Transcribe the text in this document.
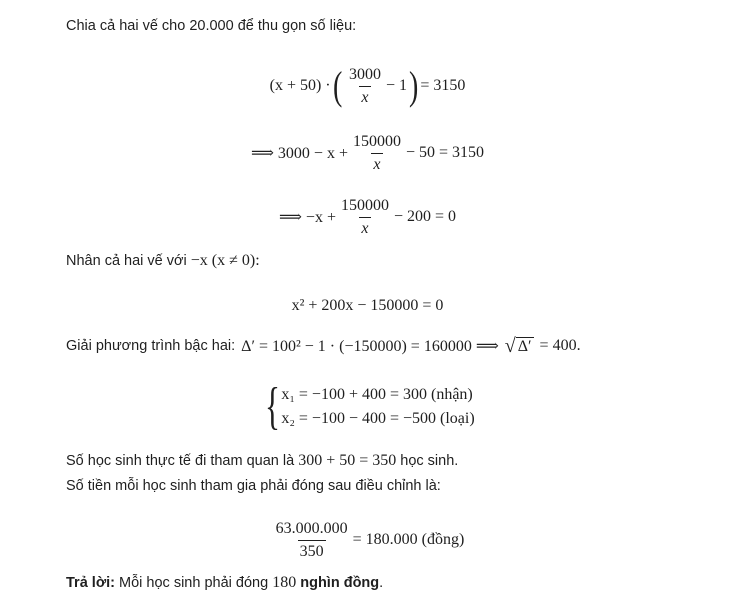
Chia cả hai vế cho 20.000 để thu gọn số liệu:
(x + 50) · ( $\frac{3000}{x} - 1$ ) = 3150
⟹ $3000 - x + \frac{150000}{x} - 50 = 3150$
⟹ $-x + \frac{150000}{x} - 200 = 0$
Nhân cả hai vế với −x (x ≠ 0):
x² + 200x − 150000 = 0
Giải phương trình bậc hai: Δ′ = 100² − 1 · (−150000) = 160000 ⟹ √ Δ′ = 400.
{ x₁ = −100 + 400 = 300 (nhận)
x₂ = −100 − 400 = −500 (loại)
Số học sinh thực tế đi tham quan là 300 + 50 = 350 học sinh.
Số tiền mỗi học sinh tham gia phải đóng sau điều chỉnh là:
$\frac{63.000.000}{350} = 180.000$ (đồng)
Trả lời: Mỗi học sinh phải đóng 180 nghìn đồng.
